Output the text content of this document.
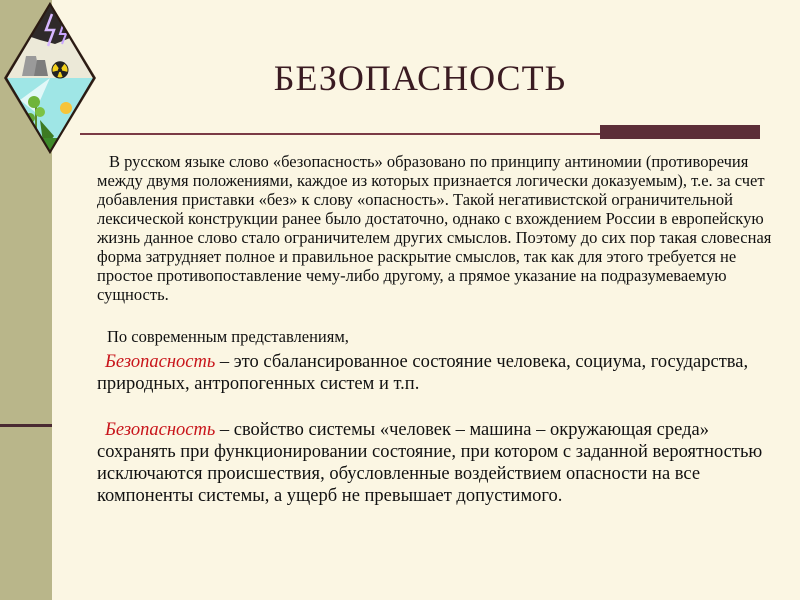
БЕЗОПАСНОСТЬ

В русском языке слово «безопасность» образовано по принципу антиномии (противоречия между двумя положениями, каждое из которых признается логически доказуемым), т.е. за счет добавления приставки «без» к слову «опасность». Такой негативистской ограничительной лексической конструкции ранее было достаточно, однако с вхождением России в европейскую жизнь данное слово стало ограничителем других смыслов. Поэтому до сих пор такая словесная форма затрудняет полное и правильное раскрытие смыслов, так как для этого требуется не простое противопоставление чему-либо другому, а прямое указание на подразумеваемую сущность.

По современным представлениям,

Безопасность – это сбалансированное состояние человека, социума, государства, природных, антропогенных систем и т.п.

Безопасность – свойство системы «человек – машина – окружающая среда» сохранять при функционировании состояние, при котором с заданной вероятностью исключаются происшествия, обусловленные воздействием опасности на все компоненты системы, а ущерб не превышает допустимого.
